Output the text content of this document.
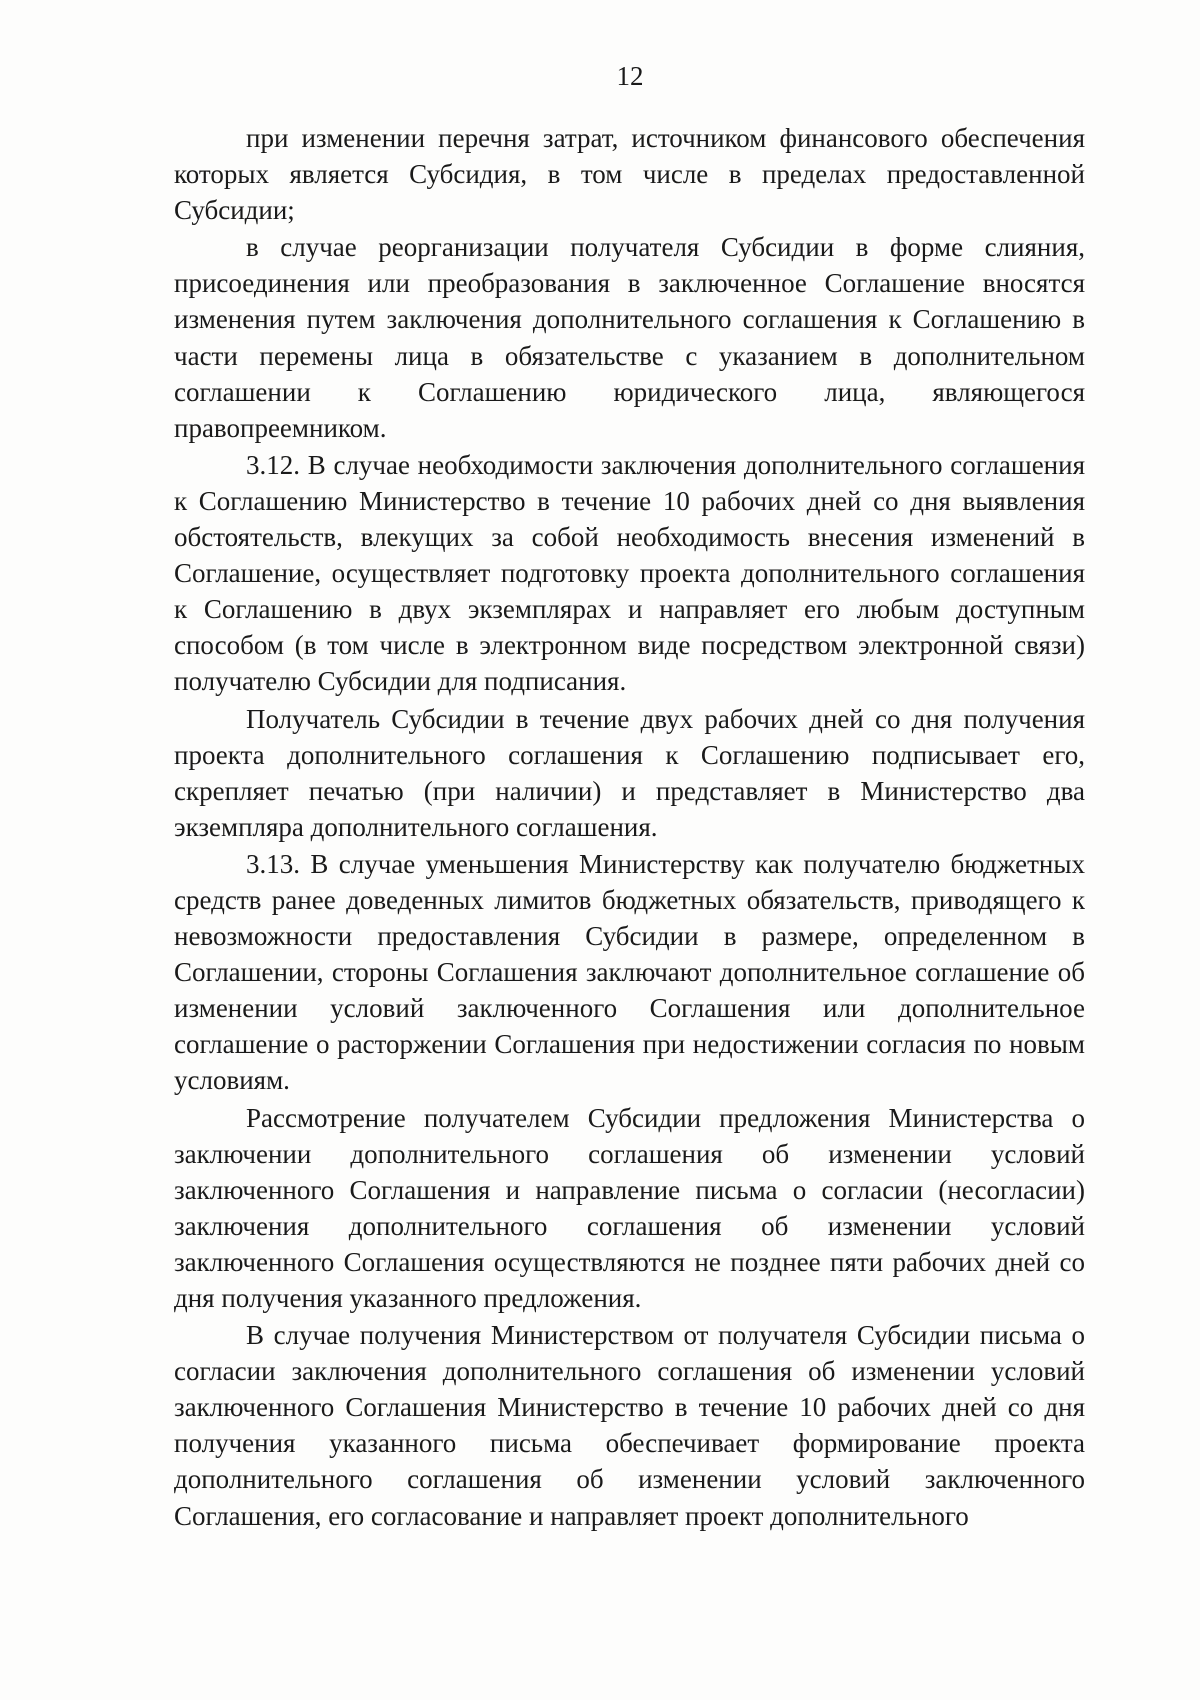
12

при изменении перечня затрат, источником финансового обеспечения которых является Субсидия, в том числе в пределах предоставленной Субсидии;

в случае реорганизации получателя Субсидии в форме слияния, присоединения или преобразования в заключенное Соглашение вносятся изменения путем заключения дополнительного соглашения к Соглашению в части перемены лица в обязательстве с указанием в дополнительном соглашении к Соглашению юридического лица, являющегося правопреемником.

3.12. В случае необходимости заключения дополнительного соглашения к Соглашению Министерство в течение 10 рабочих дней со дня выявления обстоятельств, влекущих за собой необходимость внесения изменений в Соглашение, осуществляет подготовку проекта дополнительного соглашения к Соглашению в двух экземплярах и направляет его любым доступным способом (в том числе в электронном виде посредством электронной связи) получателю Субсидии для подписания.

Получатель Субсидии в течение двух рабочих дней со дня получения проекта дополнительного соглашения к Соглашению подписывает его, скрепляет печатью (при наличии) и представляет в Министерство два экземпляра дополнительного соглашения.

3.13. В случае уменьшения Министерству как получателю бюджетных средств ранее доведенных лимитов бюджетных обязательств, приводящего к невозможности предоставления Субсидии в размере, определенном в Соглашении, стороны Соглашения заключают дополнительное соглашение об изменении условий заключенного Соглашения или дополнительное соглашение о расторжении Соглашения при недостижении согласия по новым условиям.

Рассмотрение получателем Субсидии предложения Министерства о заключении дополнительного соглашения об изменении условий заключенного Соглашения и направление письма о согласии (несогласии) заключения дополнительного соглашения об изменении условий заключенного Соглашения осуществляются не позднее пяти рабочих дней со дня получения указанного предложения.

В случае получения Министерством от получателя Субсидии письма о согласии заключения дополнительного соглашения об изменении условий заключенного Соглашения Министерство в течение 10 рабочих дней со дня получения указанного письма обеспечивает формирование проекта дополнительного соглашения об изменении условий заключенного Соглашения, его согласование и направляет проект дополнительного
